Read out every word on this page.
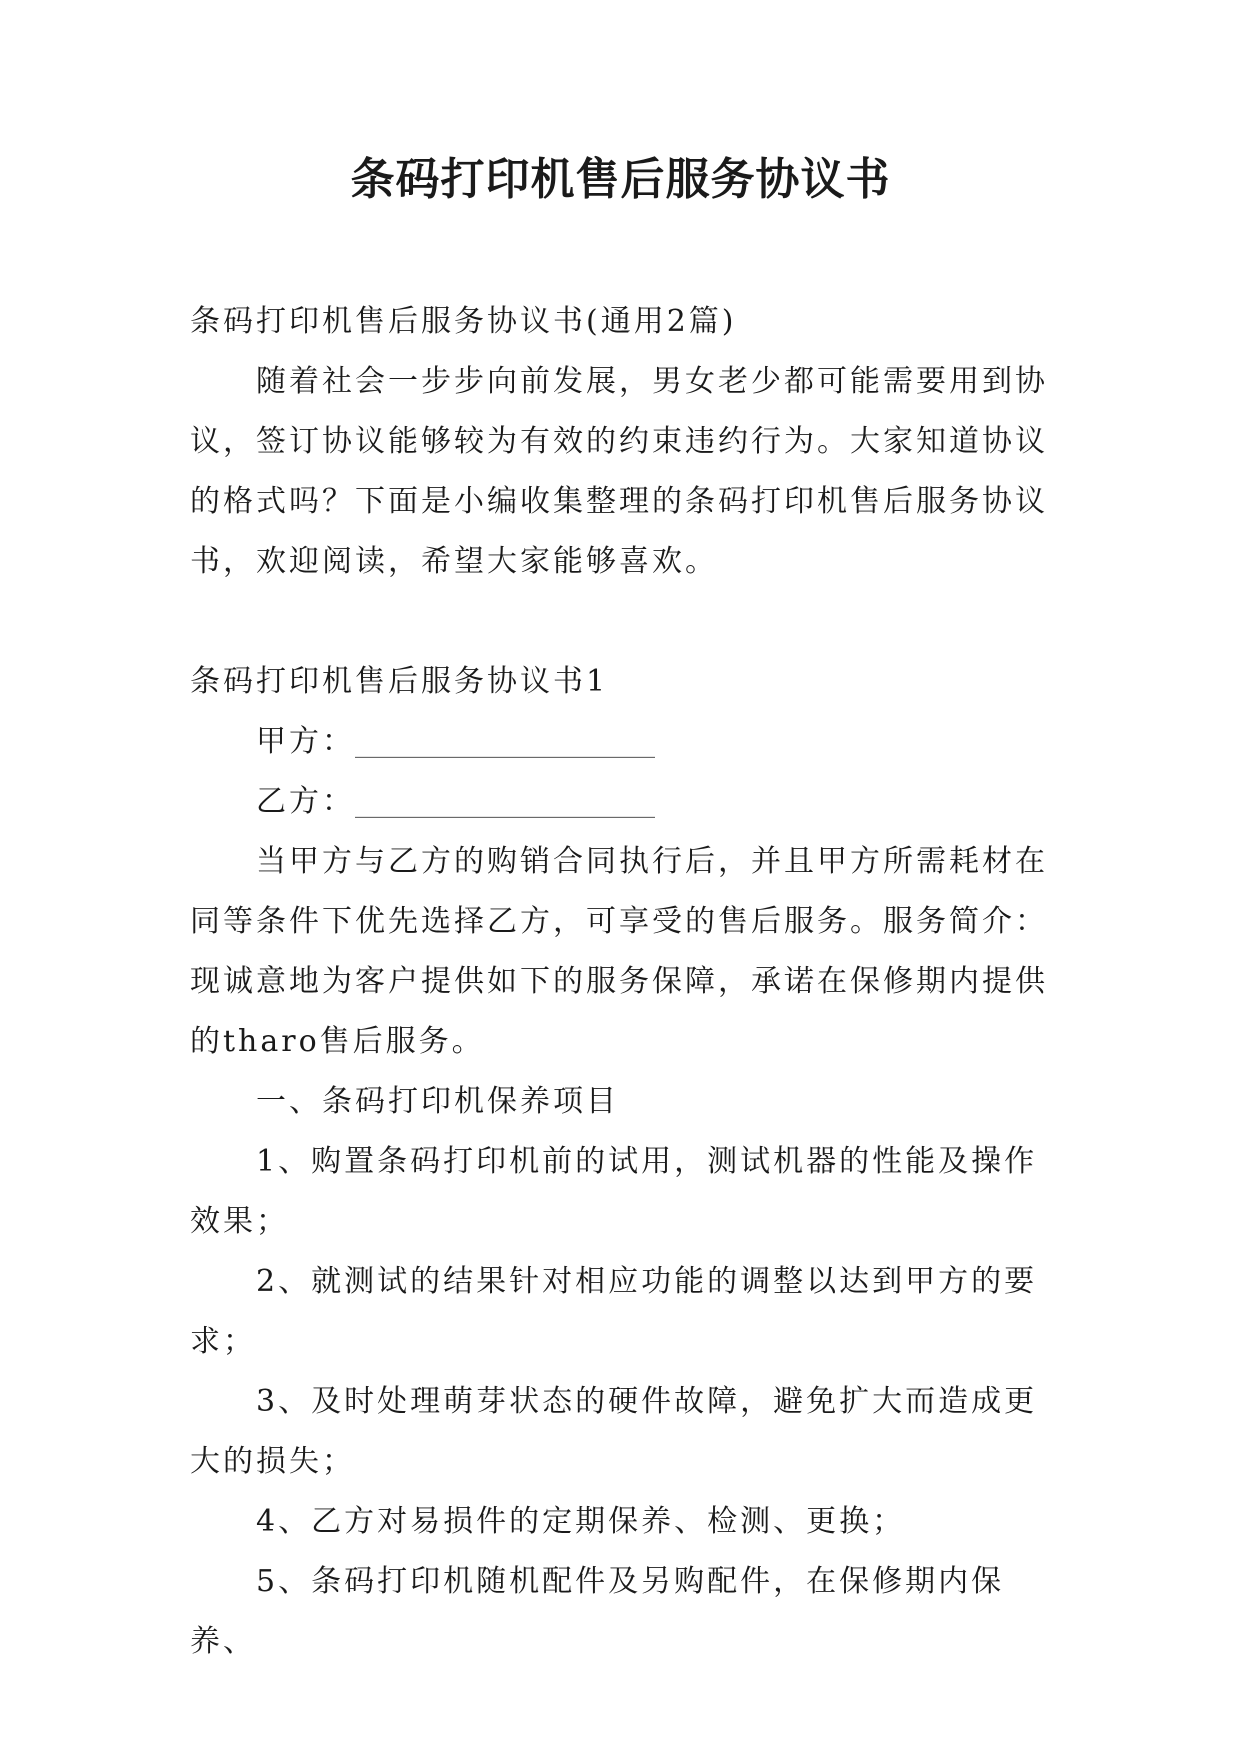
条码打印机售后服务协议书

条码打印机售后服务协议书(通用2篇)

随着社会一步步向前发展，男女老少都可能需要用到协议，签订协议能够较为有效的约束违约行为。大家知道协议的格式吗？下面是小编收集整理的条码打印机售后服务协议书，欢迎阅读，希望大家能够喜欢。

条码打印机售后服务协议书1

甲方：____________________

乙方：____________________

当甲方与乙方的购销合同执行后，并且甲方所需耗材在同等条件下优先选择乙方，可享受的售后服务。服务简介：现诚意地为客户提供如下的服务保障，承诺在保修期内提供的tharo售后服务。

一、条码打印机保养项目

1、购置条码打印机前的试用，测试机器的性能及操作效果；

2、就测试的结果针对相应功能的调整以达到甲方的要求；

3、及时处理萌芽状态的硬件故障，避免扩大而造成更大的损失；

4、乙方对易损件的定期保养、检测、更换；

5、条码打印机随机配件及另购配件，在保修期内保养、
